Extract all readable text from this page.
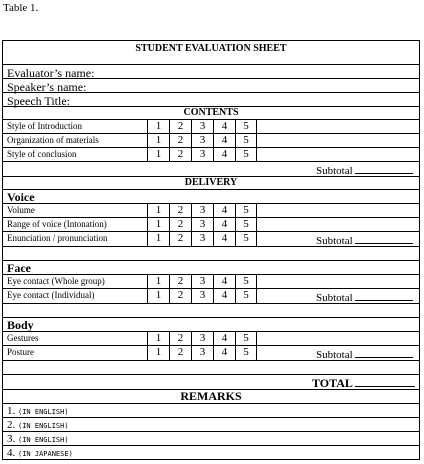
Table 1.
STUDENT EVALUATION SHEET
Evaluator’s name:
Speaker’s name:
Speech Title:
CONTENTS
Style of Introduction	1	2	3	4	5
Organization of materials	1	2	3	4	5
Style of conclusion	1	2	3	4	5
Subtotal
DELIVERY
Voice
Volume	1	2	3	4	5
Range of voice (Intonation)	1	2	3	4	5
Enunciation / pronunciation	1	2	3	4	5	Subtotal
Face
Eye contact (Whole group)	1	2	3	4	5
Eye contact (Individual)	1	2	3	4	5	Subtotal
Body
Gestures	1	2	3	4	5
Posture	1	2	3	4	5	Subtotal
TOTAL
REMARKS
1. (IN ENGLISH)
2. (IN ENGLISH)
3. (IN ENGLISH)
4. (IN JAPANESE)
